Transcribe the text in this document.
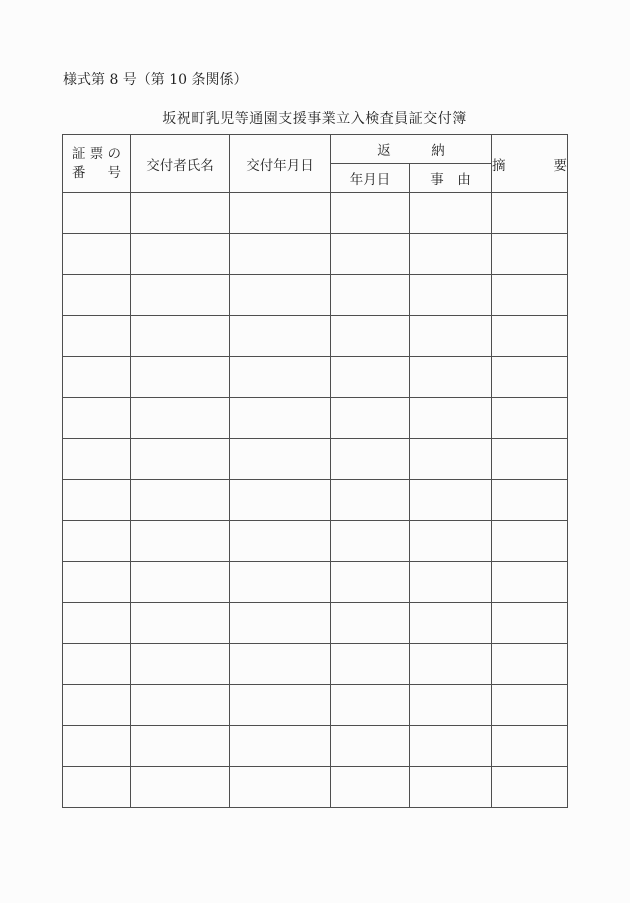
様式第 8 号（第 10 条関係）
坂祝町乳児等通園支援事業立入検査員証交付簿
証票の
番号	交付者氏名	交付年月日	返納		摘要
			年月日	事由	
